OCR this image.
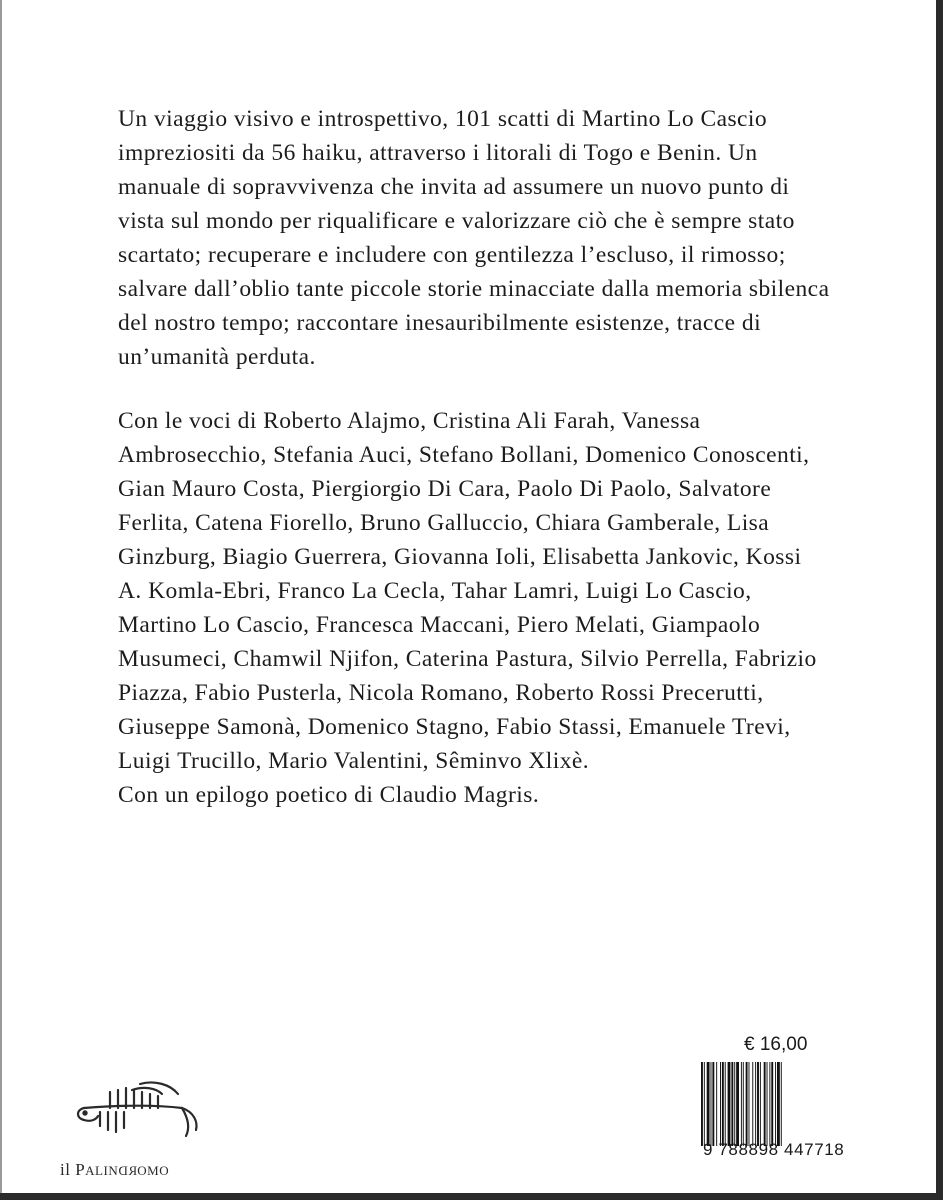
Un viaggio visivo e introspettivo, 101 scatti di Martino Lo Cascio

impreziositi da 56 haiku, attraverso i litorali di Togo e Benin. Un

manuale di sopravvivenza che invita ad assumere un nuovo punto di

vista sul mondo per riqualificare e valorizzare ciò che è sempre stato

scartato; recuperare e includere con gentilezza l’escluso, il rimosso;

salvare dall’oblio tante piccole storie minacciate dalla memoria sbilenca

del nostro tempo; raccontare inesauribilmente esistenze, tracce di

un’umanità perduta.

Con le voci di Roberto Alajmo, Cristina Ali Farah, Vanessa

Ambrosecchio, Stefania Auci, Stefano Bollani, Domenico Conoscenti,

Gian Mauro Costa, Piergiorgio Di Cara, Paolo Di Paolo, Salvatore

Ferlita, Catena Fiorello, Bruno Galluccio, Chiara Gamberale, Lisa

Ginzburg, Biagio Guerrera, Giovanna Ioli, Elisabetta Jankovic, Kossi

A. Komla-Ebri, Franco La Cecla, Tahar Lamri, Luigi Lo Cascio,

Martino Lo Cascio, Francesca Maccani, Piero Melati, Giampaolo

Musumeci, Chamwil Njifon, Caterina Pastura, Silvio Perrella, Fabrizio

Piazza, Fabio Pusterla, Nicola Romano, Roberto Rossi Precerutti,

Giuseppe Samonà, Domenico Stagno, Fabio Stassi, Emanuele Trevi,

Luigi Trucillo, Mario Valentini, Sêminvo Xlixè.

Con un epilogo poetico di Claudio Magris.

il PALINDROMO
€ 16,00
9 788898 447718
